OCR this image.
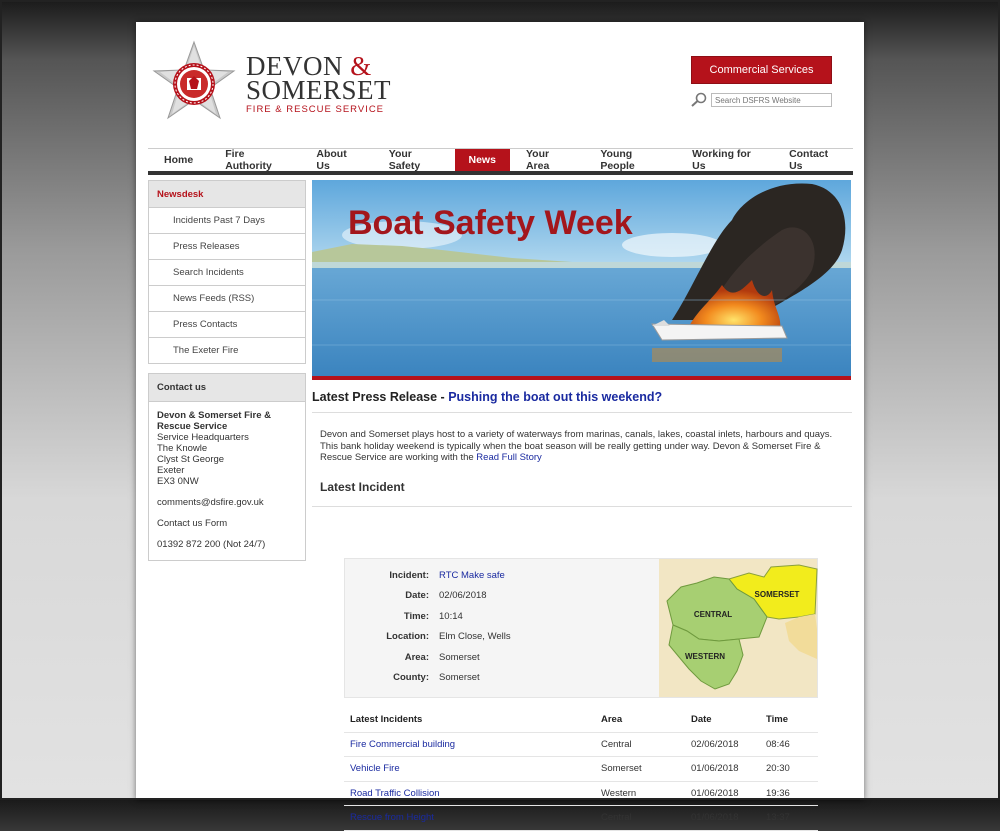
DEVON &
SOMERSET
FIRE & RESCUE SERVICE
Commercial Services
Search DSFRS Website
Home	Fire Authority
About Us
Your Safety	News	Your Area
Young People
Working for Us
Contact Us
Newsdesk
Incidents Past 7 Days
Press Releases
Search Incidents
News Feeds (RSS)
Press Contacts
The Exeter Fire
Contact us
Devon & Somerset Fire & Rescue Service
Service Headquarters
The Knowle
Clyst St George
Exeter
EX3 0NW
comments@dsfire.gov.uk
Contact us Form
01392 872 200 (Not 24/7)
Boat Safety Week
Latest Press Release - Pushing the boat out this weekend?
Devon and Somerset plays host to a variety of waterways from marinas, canals, lakes, coastal inlets, harbours and quays. This bank holiday weekend is typically when the boat season will be really getting under way. Devon & Somerset Fire & Rescue Service are working with the Read Full Story
Latest Incident
Incident:	RTC Make safe
Date:	02/06/2018
Time:	10:14
Location:	Elm Close, Wells
Area:	Somerset
County:	Somerset
SOMERSET
CENTRAL
WESTERN
Latest Incidents	Area	Date	Time
Fire Commercial building	Central	02/06/2018	08:46
Vehicle Fire	Somerset	01/06/2018	20:30
Road Traffic Collision	Western	01/06/2018	19:36
Rescue from Height	Central	01/06/2018	13:37
